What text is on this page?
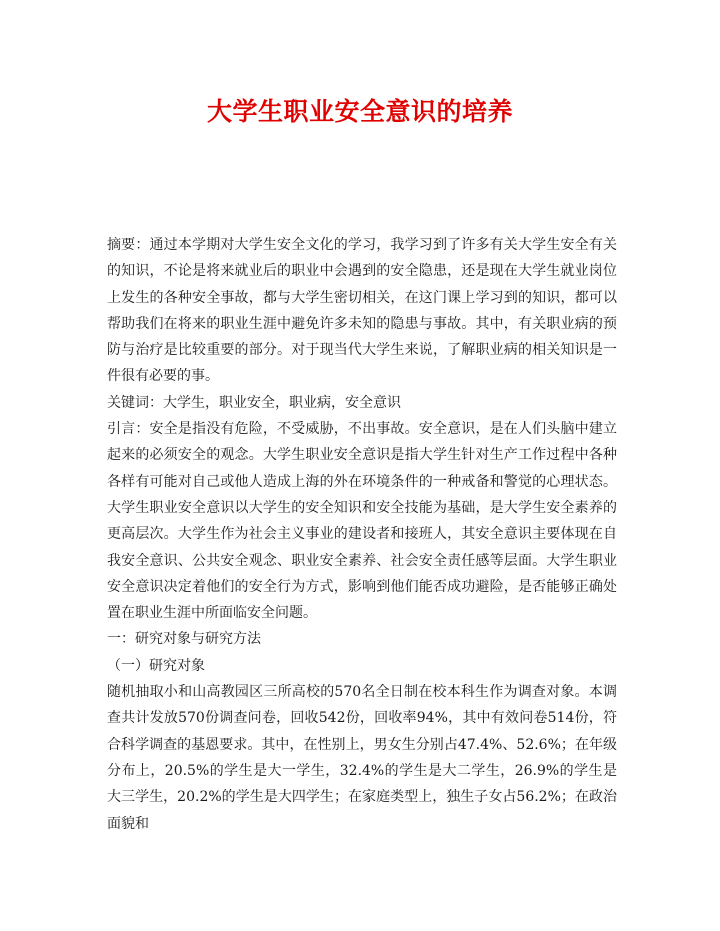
大学生职业安全意识的培养

摘要：通过本学期对大学生安全文化的学习，我学习到了许多有关大学生安全有关的知识，不论是将来就业后的职业中会遇到的安全隐患，还是现在大学生就业岗位上发生的各种安全事故，都与大学生密切相关，在这门课上学习到的知识，都可以帮助我们在将来的职业生涯中避免许多未知的隐患与事故。其中，有关职业病的预防与治疗是比较重要的部分。对于现当代大学生来说，了解职业病的相关知识是一件很有必要的事。

关键词：大学生，职业安全，职业病，安全意识

引言：安全是指没有危险，不受威胁，不出事故。安全意识，是在人们头脑中建立起来的必须安全的观念。大学生职业安全意识是指大学生针对生产工作过程中各种各样有可能对自己或他人造成上海的外在环境条件的一种戒备和警觉的心理状态。大学生职业安全意识以大学生的安全知识和安全技能为基础，是大学生安全素养的更高层次。大学生作为社会主义事业的建设者和接班人，其安全意识主要体现在自我安全意识、公共安全观念、职业安全素养、社会安全责任感等层面。大学生职业安全意识决定着他们的安全行为方式，影响到他们能否成功避险，是否能够正确处置在职业生涯中所面临安全问题。

一：研究对象与研究方法

（一）研究对象

随机抽取小和山高教园区三所高校的570名全日制在校本科生作为调查对象。本调查共计发放570份调查问卷，回收542份，回收率94%，其中有效问卷514份，符合科学调查的基恩要求。其中，在性别上，男女生分别占47.4%、52.6%；在年级分布上，20.5%的学生是大一学生，32.4%的学生是大二学生，26.9%的学生是大三学生，20.2%的学生是大四学生；在家庭类型上，独生子女占56.2%；在政治面貌和
